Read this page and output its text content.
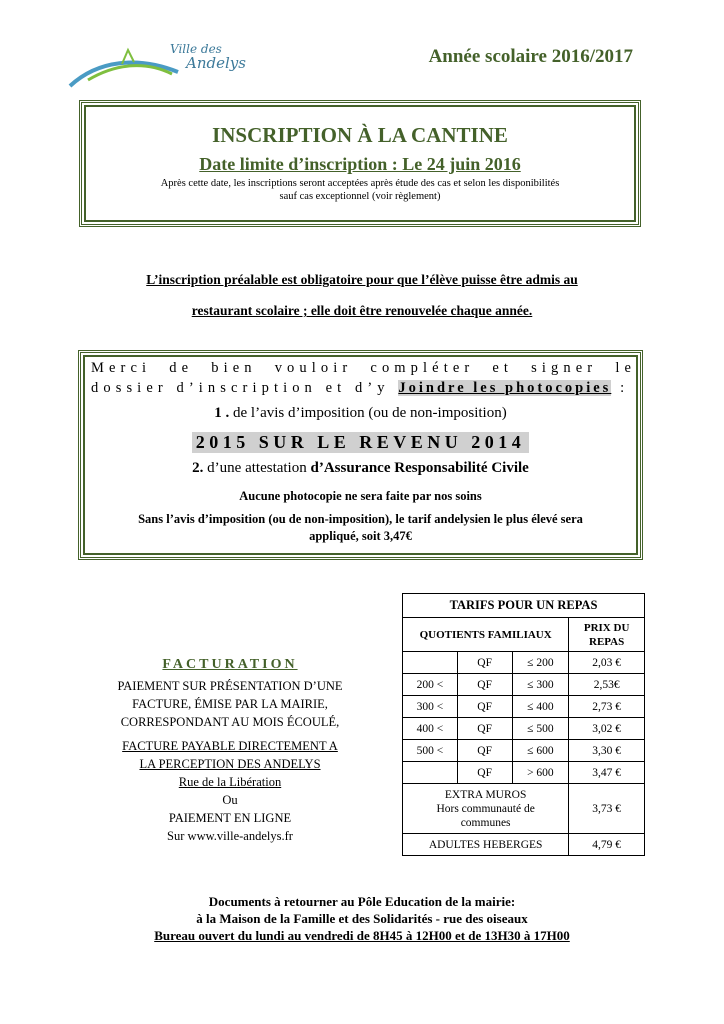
Ville des
Andelys	Année scolaire 2016/2017
INSCRIPTION À LA CANTINE
Date limite d’inscription : Le 24 juin 2016
Après cette date, les inscriptions seront acceptées après étude des cas et selon les disponibilités
sauf cas exceptionnel (voir règlement)
L’inscription préalable est obligatoire pour que l’élève puisse être admis au
restaurant scolaire ; elle doit être renouvelée chaque année.
Merci de bien vouloir compléter et signer le dossier d’inscription et d’y Joindre les photocopies :
1 . de l’avis d’imposition (ou de non-imposition)
2015 SUR LE REVENU 2014
2. d’une attestation d’Assurance Responsabilité Civile
Aucune photocopie ne sera faite par nos soins
Sans l’avis d’imposition (ou de non-imposition), le tarif andelysien le plus élevé sera
appliqué, soit 3,47€
TARIFS POUR UN REPAS			
QUOTIENTS FAMILIAUX			PRIX DU
REPAS

	QF	≤ 200	2,03 €
200 <	QF	≤ 300	2,53€
300 <	QF	≤ 400	2,73 €
400 <	QF	≤ 500	3,02 €
500 <	QF	≤ 600	3,30 €
	QF	> 600	3,47 €

EXTRA MUROS
Hors communauté de
communes			3,73 €
ADULTES HEBERGES			4,79 €
FACTURATION
PAIEMENT SUR PRÉSENTATION D’UNE
FACTURE, ÉMISE PAR LA MAIRIE,
CORRESPONDANT AU MOIS ÉCOULÉ,
FACTURE PAYABLE DIRECTEMENT A
LA PERCEPTION DES ANDELYS
Rue de la Libération
Ou
PAIEMENT EN LIGNE
Sur www.ville-andelys.fr
Documents à retourner au Pôle Education de la mairie:
à la Maison de la Famille et des Solidarités - rue des oiseaux
Bureau ouvert du lundi au vendredi de 8H45 à 12H00 et de 13H30 à 17H00
